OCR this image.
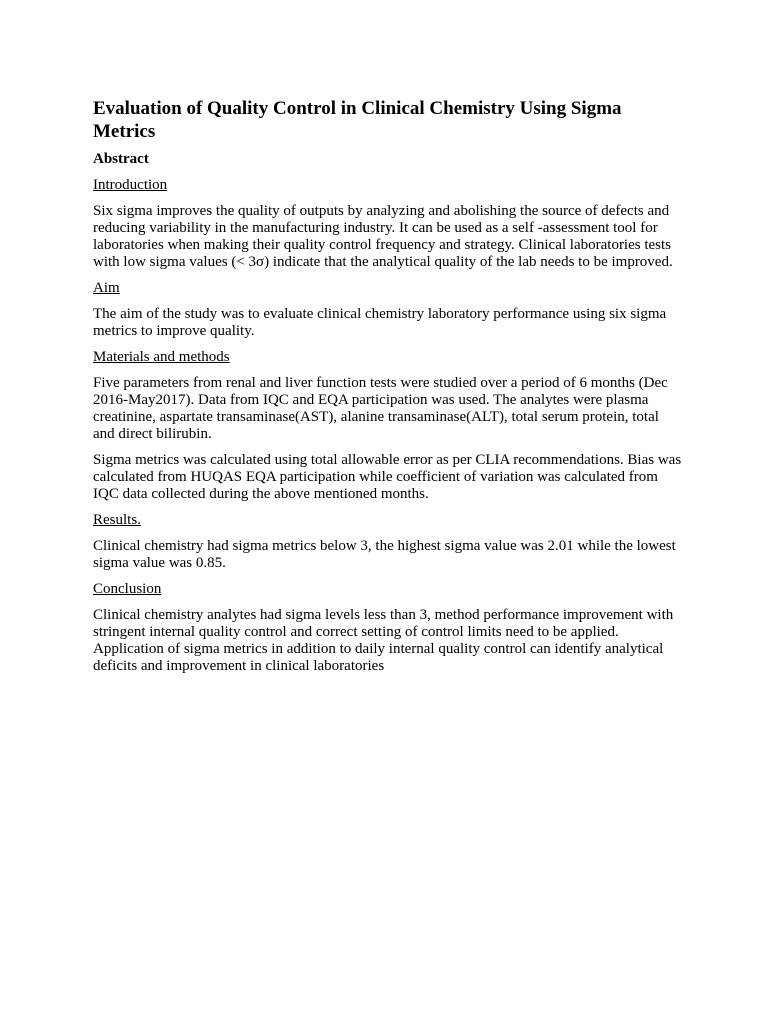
Evaluation of Quality Control in Clinical Chemistry Using Sigma Metrics
Abstract
Introduction

Six sigma improves the quality of outputs by analyzing and abolishing the source of defects and reducing variability in the manufacturing industry. It can be used as a self -assessment tool for laboratories when making their quality control frequency and strategy. Clinical laboratories tests with low sigma values (< 3σ) indicate that the analytical quality of the lab needs to be improved.

Aim

The aim of the study was to evaluate clinical chemistry laboratory performance using six sigma metrics to improve quality.

Materials and methods

Five parameters from renal and liver function tests were studied over a period of 6 months (Dec 2016-May2017). Data from IQC and EQA participation was used. The analytes were plasma creatinine, aspartate transaminase(AST), alanine transaminase(ALT), total serum protein, total and direct bilirubin.

Sigma metrics was calculated using total allowable error as per CLIA recommendations. Bias was calculated from HUQAS EQA participation while coefficient of variation was calculated from IQC data collected during the above mentioned months.

Results.

Clinical chemistry had sigma metrics below 3, the highest sigma value was 2.01 while the lowest sigma value was 0.85.

Conclusion

Clinical chemistry analytes had sigma levels less than 3, method performance improvement with stringent internal quality control and correct setting of control limits need to be applied. Application of sigma metrics in addition to daily internal quality control can identify analytical deficits and improvement in clinical laboratories
